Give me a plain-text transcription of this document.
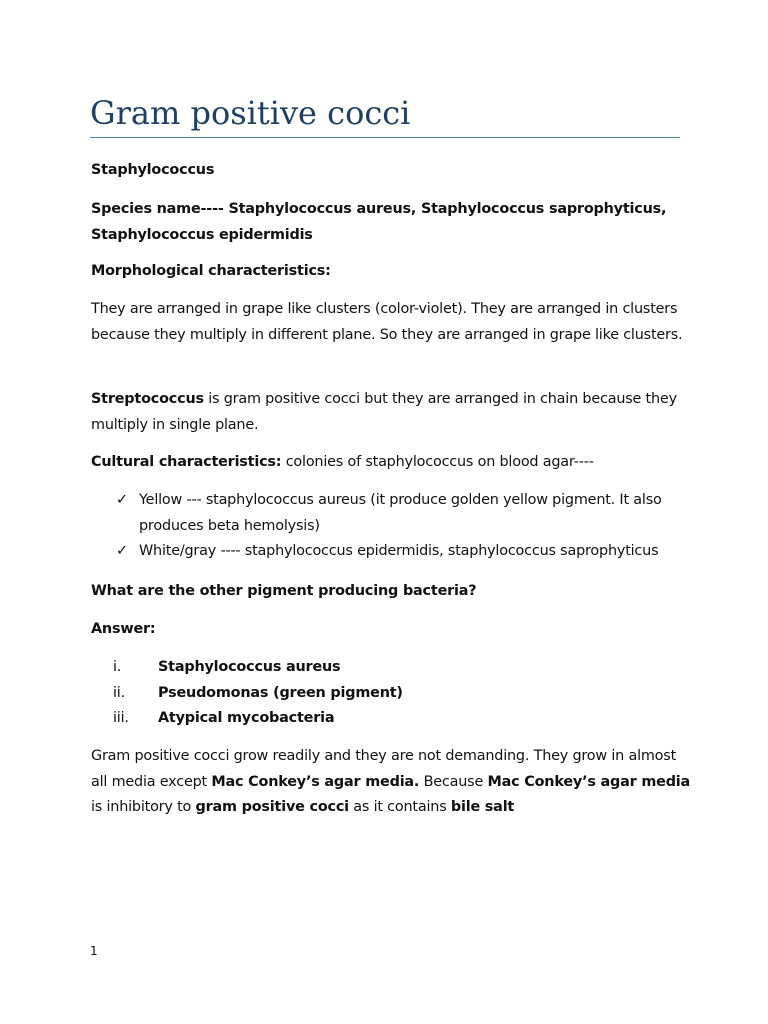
Gram positive cocci

Staphylococcus

Species name---- Staphylococcus aureus, Staphylococcus saprophyticus, Staphylococcus epidermidis

Morphological characteristics:

They are arranged in grape like clusters (color-violet). They are arranged in clusters because they multiply in different plane. So they are arranged in grape like clusters.

Streptococcus is gram positive cocci but they are arranged in chain because they multiply in single plane.

Cultural characteristics: colonies of staphylococcus on blood agar----

✓ Yellow --- staphylococcus aureus (it produce golden yellow pigment. It also produces beta hemolysis)
✓ White/gray ---- staphylococcus epidermidis, staphylococcus saprophyticus

What are the other pigment producing bacteria?

Answer:

i.	Staphylococcus aureus
ii. Pseudomonas (green pigment)
iii. Atypical mycobacteria

Gram positive cocci grow readily and they are not demanding. They grow in almost all media except Mac Conkey’s agar media. Because Mac Conkey’s agar media is inhibitory to gram positive cocci as it contains bile salt

1
